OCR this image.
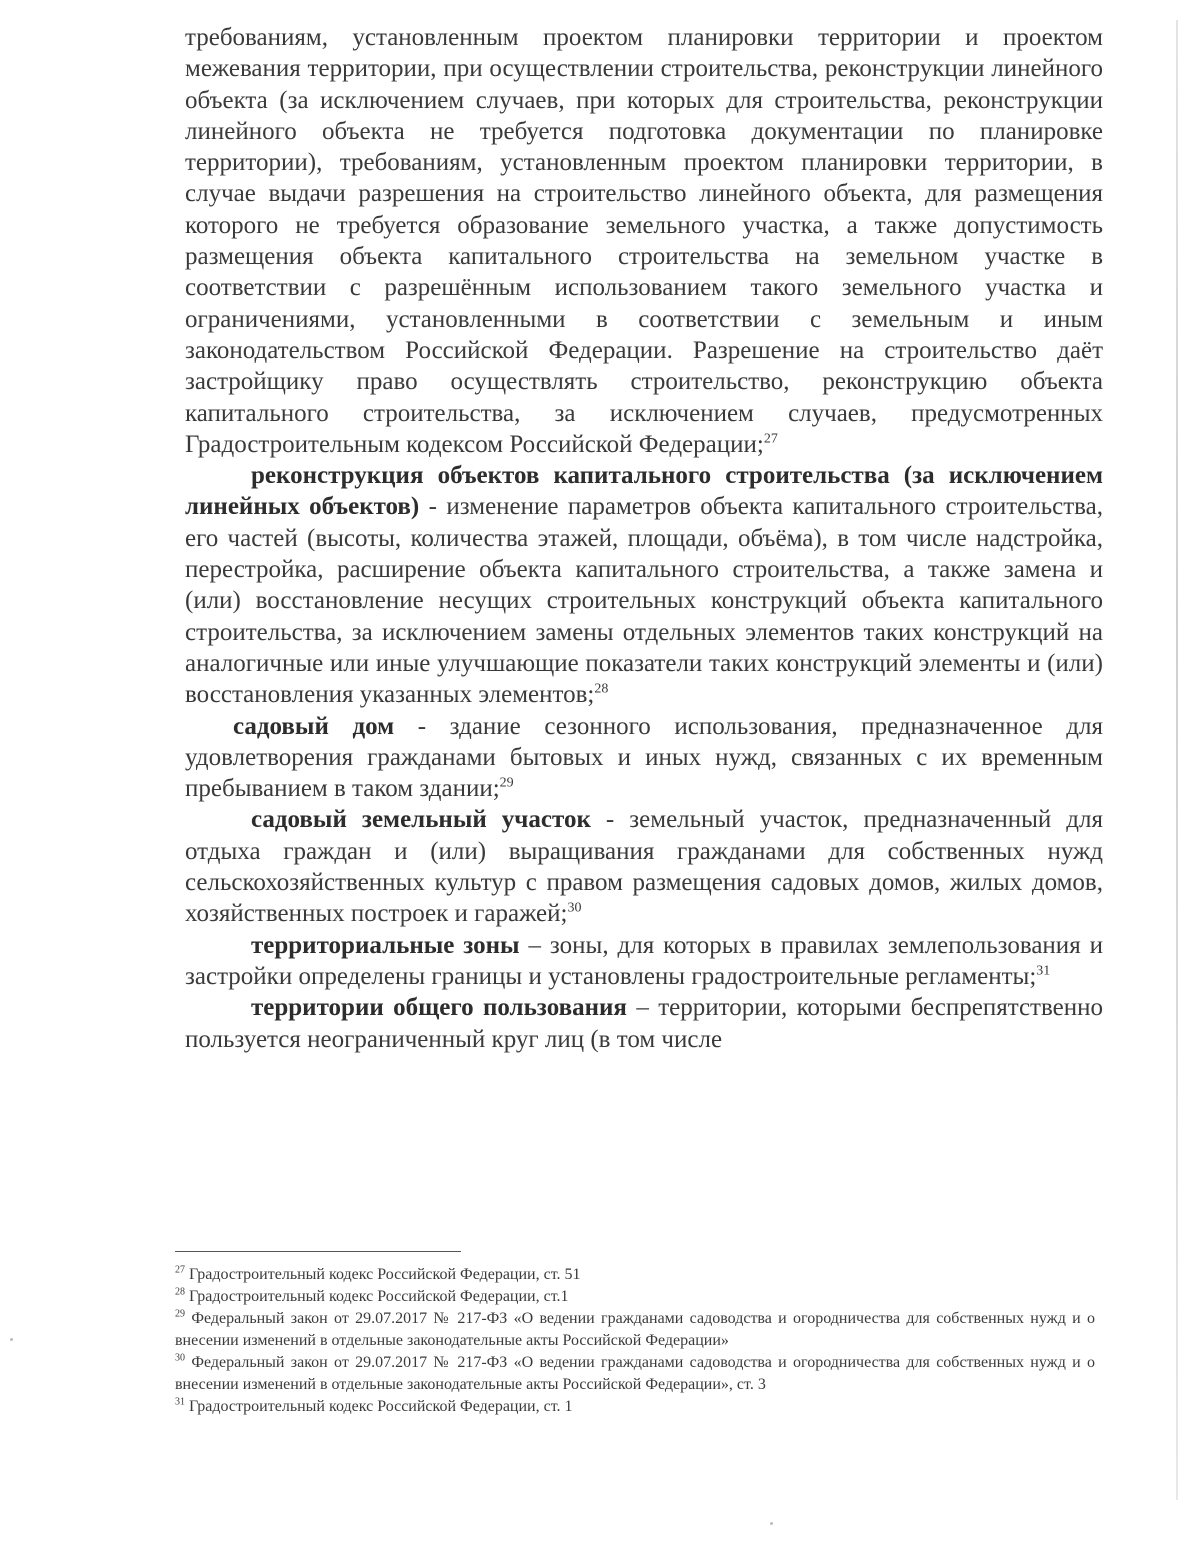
требованиям, установленным проектом планировки территории и проектом межевания территории, при осуществлении строительства, реконструкции линейного объекта (за исключением случаев, при которых для строительства, реконструкции линейного объекта не требуется подготовка документации по планировке территории), требованиям, установленным проектом планировки территории, в случае выдачи разрешения на строительство линейного объекта, для размещения которого не требуется образование земельного участка, а также допустимость размещения объекта капитального строительства на земельном участке в соответствии с разрешённым использованием такого земельного участка и ограничениями, установленными в соответствии с земельным и иным законодательством Российской Федерации. Разрешение на строительство даёт застройщику право осуществлять строительство, реконструкцию объекта капитального строительства, за исключением случаев, предусмотренных Градостроительным кодексом Российской Федерации;$^{27}$

реконструкция объектов капитального строительства (за исключением линейных объектов) - изменение параметров объекта капитального строительства, его частей (высоты, количества этажей, площади, объёма), в том числе надстройка, перестройка, расширение объекта капитального строительства, а также замена и (или) восстановление несущих строительных конструкций объекта капитального строительства, за исключением замены отдельных элементов таких конструкций на аналогичные или иные улучшающие показатели таких конструкций элементы и (или) восстановления указанных элементов;$^{28}$

садовый дом - здание сезонного использования, предназначенное для удовлетворения гражданами бытовых и иных нужд, связанных с их временным пребыванием в таком здании;$^{29}$

садовый земельный участок - земельный участок, предназначенный для отдыха граждан и (или) выращивания гражданами для собственных нужд сельскохозяйственных культур с правом размещения садовых домов, жилых домов, хозяйственных построек и гаражей;$^{30}$

территориальные зоны – зоны, для которых в правилах землепользования и застройки определены границы и установлены градостроительные регламенты;$^{31}$

территории общего пользования – территории, которыми беспрепятственно пользуется неограниченный круг лиц (в том числе

$^{27}$ Градостроительный кодекс Российской Федерации, ст. 51

$^{28}$ Градостроительный кодекс Российской Федерации, ст.1

$^{29}$ Федеральный закон от 29.07.2017 № 217-ФЗ «О ведении гражданами садоводства и огородничества для собственных нужд и о внесении изменений в отдельные законодательные акты Российской Федерации»

$^{30}$ Федеральный закон от 29.07.2017 № 217-ФЗ «О ведении гражданами садоводства и огородничества для собственных нужд и о внесении изменений в отдельные законодательные акты Российской Федерации», ст. 3

$^{31}$ Градостроительный кодекс Российской Федерации, ст. 1
